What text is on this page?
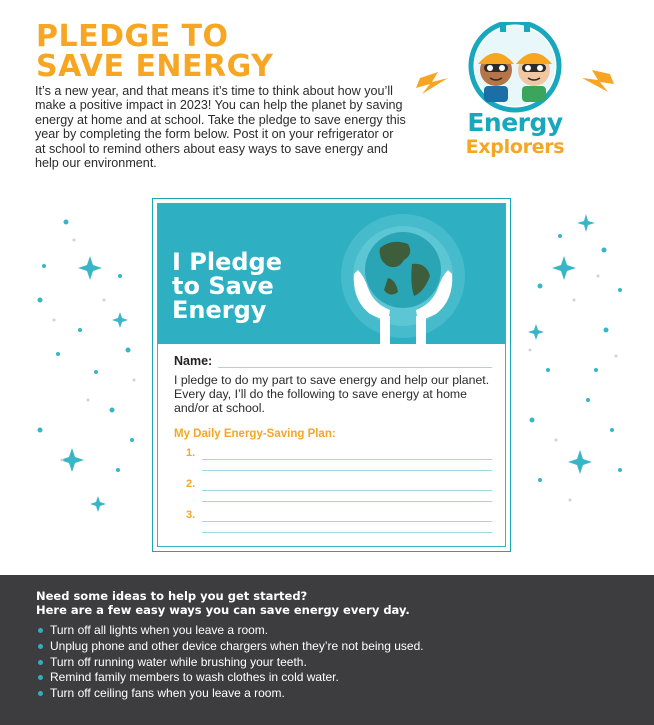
PLEDGE TO
SAVE ENERGY

It’s a new year, and that means it’s time to think about how you’ll make a positive impact in 2023! You can help the planet by saving energy at home and at school. Take the pledge to save energy this year by completing the form below. Post it on your refrigerator or at school to remind others about easy ways to save energy and help our environment.

Energy
Explorers
I Pledge
to Save
Energy
Name:

I pledge to do my part to save energy and help our planet. Every day, I’ll do the following to save energy at home and/or at school.

My Daily Energy-Saving Plan:

1.
2.
3.
Need some ideas to help you get started?
Here are a few easy ways you can save energy every day.
Turn off all lights when you leave a room.
Unplug phone and other device chargers when they’re not being used.
Turn off running water while brushing your teeth.
Remind family members to wash clothes in cold water.
Turn off ceiling fans when you leave a room.
